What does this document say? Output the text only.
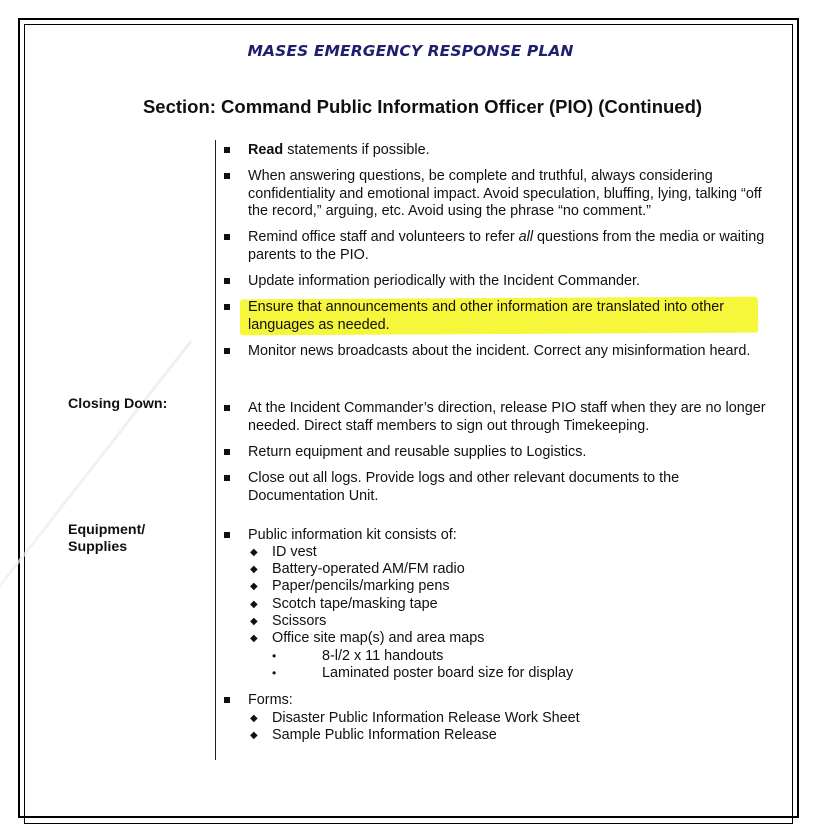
MASES EMERGENCY RESPONSE PLAN
Section: Command Public Information Officer (PIO) (Continued)
Read statements if possible.
When answering questions, be complete and truthful, always considering confidentiality and emotional impact. Avoid speculation, bluffing, lying, talking “off the record,” arguing, etc. Avoid using the phrase “no comment.”
Remind office staff and volunteers to refer all questions from the media or waiting parents to the PIO.
Update information periodically with the Incident Commander.
Ensure that announcements and other information are translated into other languages as needed.
Monitor news broadcasts about the incident. Correct any misinformation heard.
Closing Down:	At the Incident Commander’s direction, release PIO staff when they are no longer needed. Direct staff members to sign out through Timekeeping.
Return equipment and reusable supplies to Logistics.
Close out all logs. Provide logs and other relevant documents to the Documentation Unit.
Equipment/
Supplies
Public information kit consists of:
◆ ID vest
◆ Battery-operated AM/FM radio
◆ Paper/pencils/marking pens
◆ Scotch tape/masking tape
◆ Scissors
◆ Office site map(s) and area maps
•	8-l/2 x 11 handouts
•	Laminated poster board size for display
Forms:
◆ Disaster Public Information Release Work Sheet
◆ Sample Public Information Release
